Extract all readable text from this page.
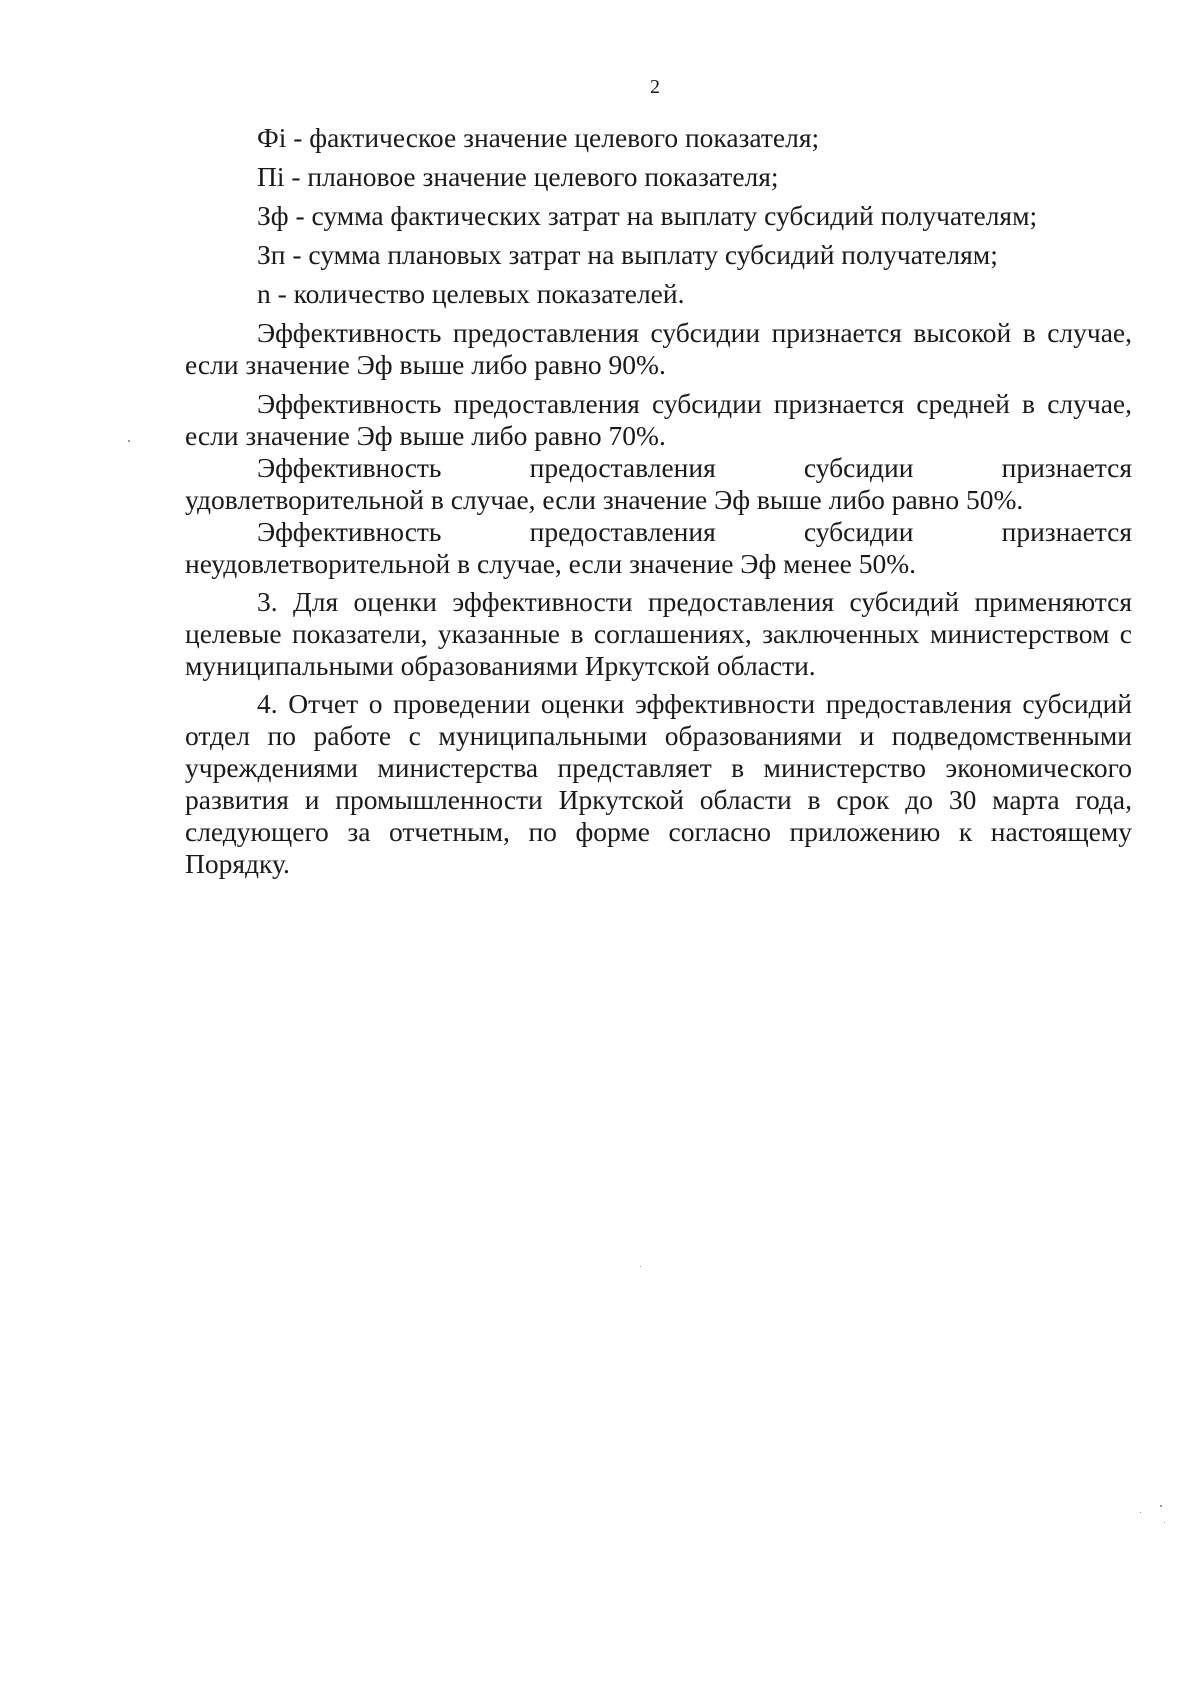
2

Фi - фактическое значение целевого показателя;

Пi - плановое значение целевого показателя;

Зф - сумма фактических затрат на выплату субсидий получателям;

Зп - сумма плановых затрат на выплату субсидий получателям;

n - количество целевых показателей.

Эффективность предоставления субсидии признается высокой в случае, если значение Эф выше либо равно 90%.

Эффективность предоставления субсидии признается средней в случае, если значение Эф выше либо равно 70%.

Эффективность предоставления субсидии признается удовлетворительной в случае, если значение Эф выше либо равно 50%.

Эффективность предоставления субсидии признается неудовлетворительной в случае, если значение Эф менее 50%.

3. Для оценки эффективности предоставления субсидий применяются целевые показатели, указанные в соглашениях, заключенных министерством с муниципальными образованиями Иркутской области.

4. Отчет о проведении оценки эффективности предоставления субсидий отдел по работе с муниципальными образованиями и подведомственными учреждениями министерства представляет в министерство экономического развития и промышленности Иркутской области в срок до 30 марта года, следующего за отчетным, по форме согласно приложению к настоящему Порядку.
